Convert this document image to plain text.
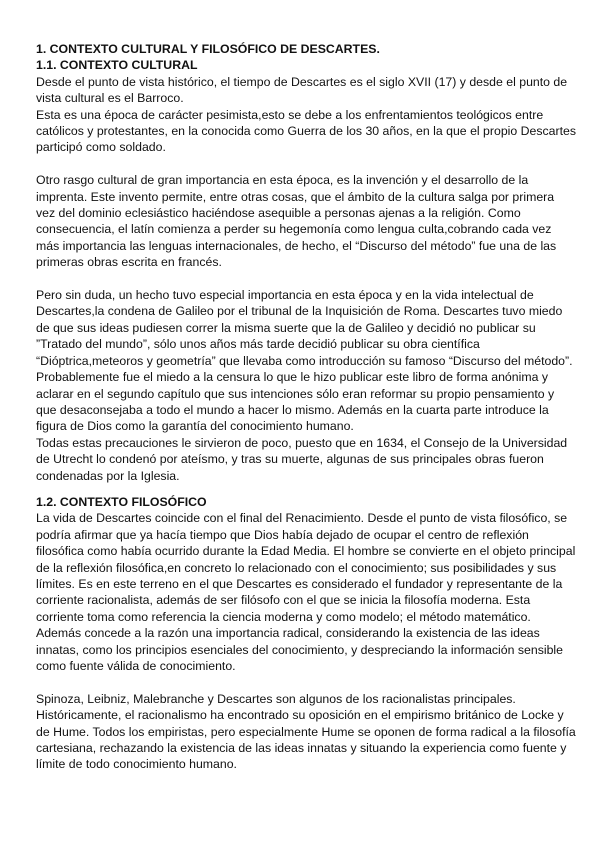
1. CONTEXTO CULTURAL Y FILOSÓFICO DE DESCARTES.

1.1. CONTEXTO CULTURAL

Desde el punto de vista histórico, el tiempo de Descartes es el siglo XVII (17) y desde el punto de vista cultural es el Barroco.

Esta es una época de carácter pesimista,esto se debe a los enfrentamientos teológicos entre católicos y protestantes, en la conocida como Guerra de los 30 años, en la que el propio Descartes participó como soldado.

Otro rasgo cultural de gran importancia en esta época, es la invención y el desarrollo de la imprenta. Este invento permite, entre otras cosas, que el ámbito de la cultura salga por primera vez del dominio eclesiástico haciéndose asequible a personas ajenas a la religión. Como consecuencia, el latín comienza a perder su hegemonía como lengua culta,cobrando cada vez más importancia las lenguas internacionales, de hecho, el “Discurso del método” fue una de las primeras obras escrita en francés.

Pero sin duda, un hecho tuvo especial importancia en esta época y en la vida intelectual de Descartes,la condena de Galileo por el tribunal de la Inquisición de Roma. Descartes tuvo miedo de que sus ideas pudiesen correr la misma suerte que la de Galileo y decidió no publicar su ”Tratado del mundo”, sólo unos años más tarde decidió publicar su obra científica “Dióptrica,meteoros y geometría” que llevaba como introducción su famoso “Discurso del método”. Probablemente fue el miedo a la censura lo que le hizo publicar este libro de forma anónima y aclarar en el segundo capítulo que sus intenciones sólo eran reformar su propio pensamiento y que desaconsejaba a todo el mundo a hacer lo mismo. Además en la cuarta parte introduce la figura de Dios como la garantía del conocimiento humano.

Todas estas precauciones le sirvieron de poco, puesto que en 1634, el Consejo de la Universidad de Utrecht lo condenó por ateísmo, y tras su muerte, algunas de sus principales obras fueron condenadas por la Iglesia.

1.2. CONTEXTO FILOSÓFICO

La vida de Descartes coincide con el final del Renacimiento. Desde el punto de vista filosófico, se podría afirmar que ya hacía tiempo que Dios había dejado de ocupar el centro de reflexión filosófica como había ocurrido durante la Edad Media. El hombre se convierte en el objeto principal de la reflexión filosófica,en concreto lo relacionado con el conocimiento; sus posibilidades y sus límites. Es en este terreno en el que Descartes es considerado el fundador y representante de la corriente racionalista, además de ser filósofo con el que se inicia la filosofía moderna. Esta corriente toma como referencia la ciencia moderna y como modelo; el método matemático. Además concede a la razón una importancia radical, considerando la existencia de las ideas innatas, como los principios esenciales del conocimiento, y despreciando la información sensible como fuente válida de conocimiento.

Spinoza, Leibniz, Malebranche y Descartes son algunos de los racionalistas principales. Históricamente, el racionalismo ha encontrado su oposición en el empirismo británico de Locke y de Hume. Todos los empiristas, pero especialmente Hume se oponen de forma radical a la filosofía cartesiana, rechazando la existencia de las ideas innatas y situando la experiencia como fuente y límite de todo conocimiento humano.
